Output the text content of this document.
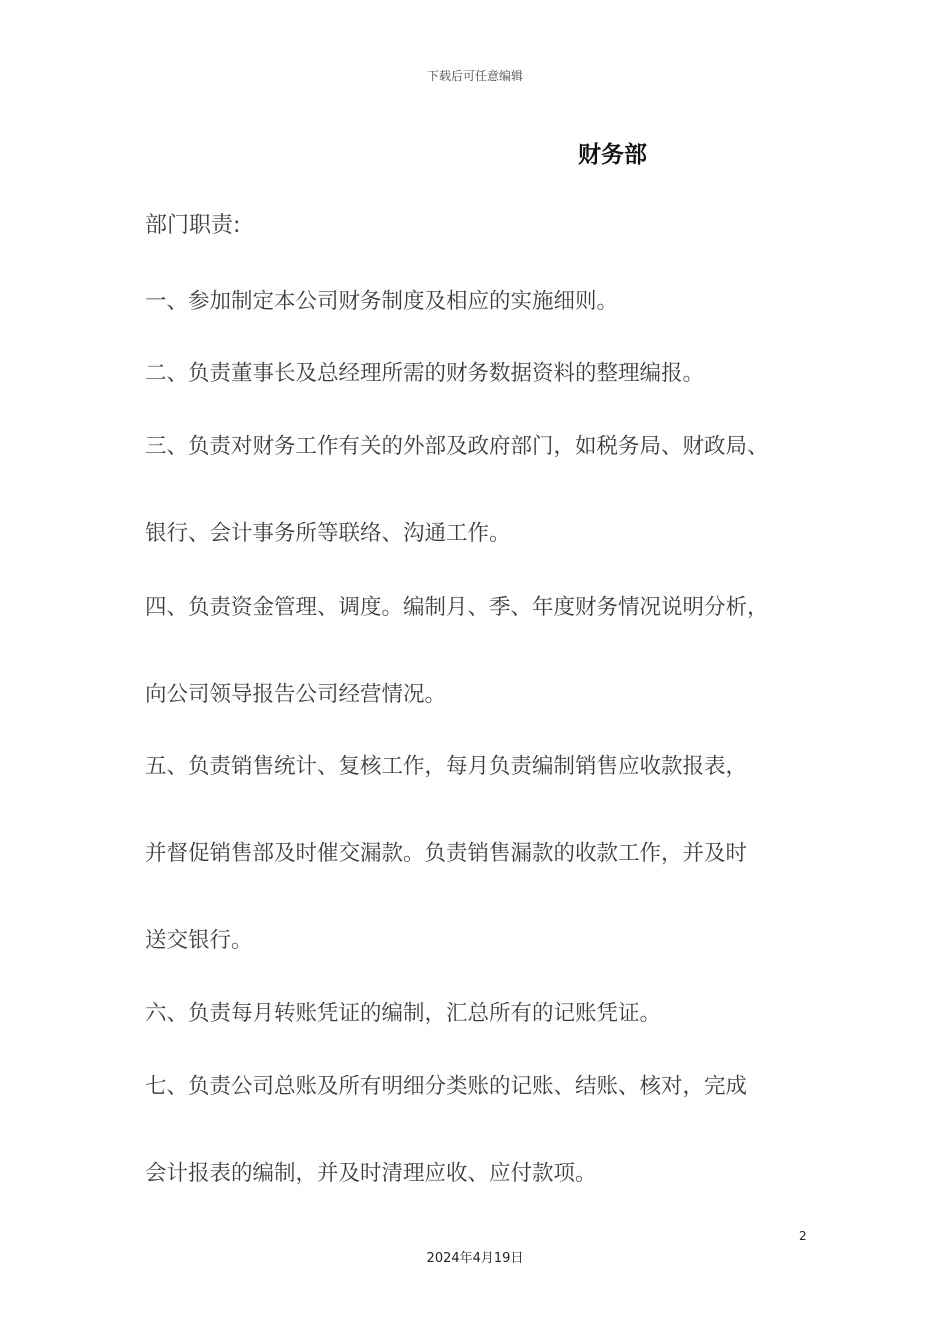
下载后可任意编辑
财务部
部门职责:
一、参加制定本公司财务制度及相应的实施细则。
二、负责董事长及总经理所需的财务数据资料的整理编报。
三、负责对财务工作有关的外部及政府部门，如税务局、财政局、
银行、会计事务所等联络、沟通工作。
四、负责资金管理、调度。编制月、季、年度财务情况说明分析，
向公司领导报告公司经营情况。
五、负责销售统计、复核工作，每月负责编制销售应收款报表，
并督促销售部及时催交漏款。负责销售漏款的收款工作，并及时
送交银行。
六、负责每月转账凭证的编制，汇总所有的记账凭证。
七、负责公司总账及所有明细分类账的记账、结账、核对，完成
会计报表的编制，并及时清理应收、应付款项。
2
2024年4月19日
